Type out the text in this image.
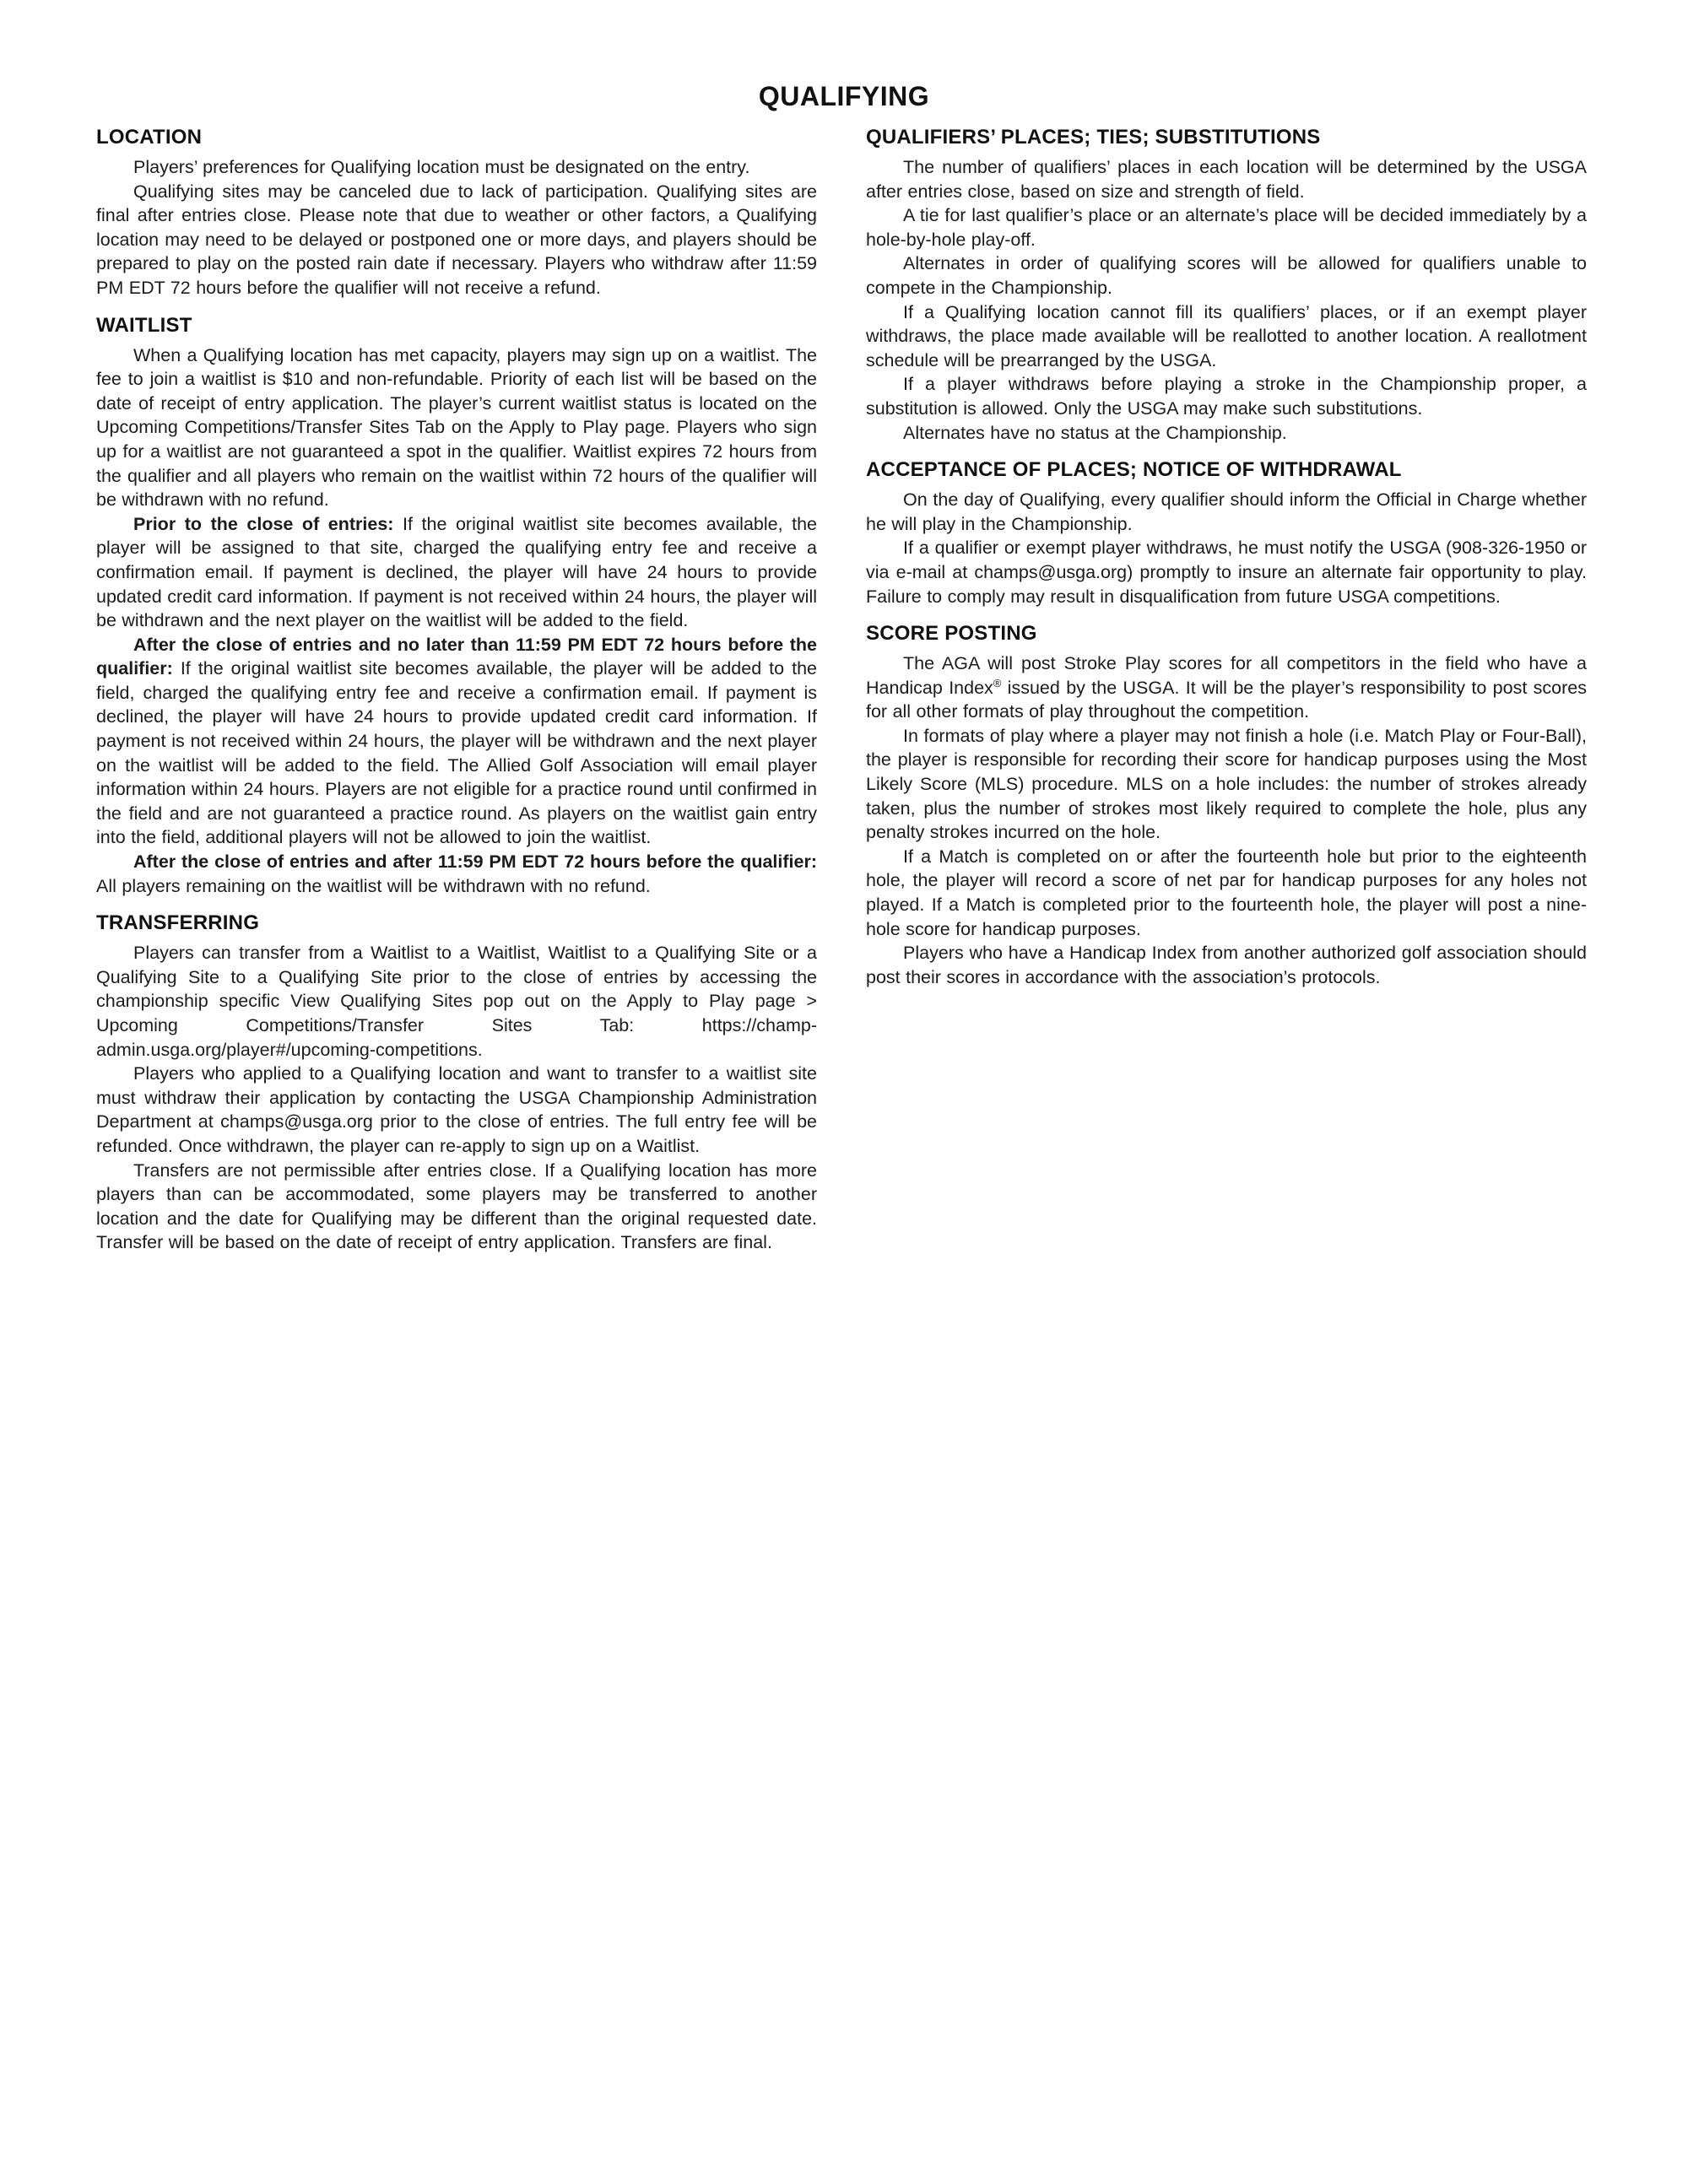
QUALIFYING
LOCATION

Players’ preferences for Qualifying location must be designated on the entry.

Qualifying sites may be canceled due to lack of participation. Qualifying sites are final after entries close. Please note that due to weather or other factors, a Qualifying location may need to be delayed or postponed one or more days, and players should be prepared to play on the posted rain date if necessary. Players who withdraw after 11:59 PM EDT 72 hours before the qualifier will not receive a refund.

WAITLIST

When a Qualifying location has met capacity, players may sign up on a waitlist. The fee to join a waitlist is $10 and non-refundable. Priority of each list will be based on the date of receipt of entry application. The player’s current waitlist status is located on the Upcoming Competitions/Transfer Sites Tab on the Apply to Play page. Players who sign up for a waitlist are not guaranteed a spot in the qualifier. Waitlist expires 72 hours from the qualifier and all players who remain on the waitlist within 72 hours of the qualifier will be withdrawn with no refund.

Prior to the close of entries: If the original waitlist site becomes available, the player will be assigned to that site, charged the qualifying entry fee and receive a confirmation email. If payment is declined, the player will have 24 hours to provide updated credit card information. If payment is not received within 24 hours, the player will be withdrawn and the next player on the waitlist will be added to the field.

After the close of entries and no later than 11:59 PM EDT 72 hours before the qualifier: If the original waitlist site becomes available, the player will be added to the field, charged the qualifying entry fee and receive a confirmation email. If payment is declined, the player will have 24 hours to provide updated credit card information. If payment is not received within 24 hours, the player will be withdrawn and the next player on the waitlist will be added to the field. The Allied Golf Association will email player information within 24 hours. Players are not eligible for a practice round until confirmed in the field and are not guaranteed a practice round. As players on the waitlist gain entry into the field, additional players will not be allowed to join the waitlist.

After the close of entries and after 11:59 PM EDT 72 hours before the qualifier: All players remaining on the waitlist will be withdrawn with no refund.

TRANSFERRING

Players can transfer from a Waitlist to a Waitlist, Waitlist to a Qualifying Site or a Qualifying Site to a Qualifying Site prior to the close of entries by accessing the championship specific View Qualifying Sites pop out on the Apply to Play page > Upcoming Competitions/Transfer Sites Tab: https://champ-admin.usga.org/player#/upcoming-competitions.

Players who applied to a Qualifying location and want to transfer to a waitlist site must withdraw their application by contacting the USGA Championship Administration Department at champs@usga.org prior to the close of entries. The full entry fee will be refunded. Once withdrawn, the player can re-apply to sign up on a Waitlist.

Transfers are not permissible after entries close. If a Qualifying location has more players than can be accommodated, some players may be transferred to another location and the date for Qualifying may be different than the original requested date. Transfer will be based on the date of receipt of entry application. Transfers are final.

QUALIFIERS’ PLACES; TIES; SUBSTITUTIONS

The number of qualifiers’ places in each location will be determined by the USGA after entries close, based on size and strength of field.

A tie for last qualifier’s place or an alternate’s place will be decided immediately by a hole-by-hole play-off.

Alternates in order of qualifying scores will be allowed for qualifiers unable to compete in the Championship.

If a Qualifying location cannot fill its qualifiers’ places, or if an exempt player withdraws, the place made available will be reallotted to another location. A reallotment schedule will be prearranged by the USGA.

If a player withdraws before playing a stroke in the Championship proper, a substitution is allowed. Only the USGA may make such substitutions.

Alternates have no status at the Championship.

ACCEPTANCE OF PLACES; NOTICE OF WITHDRAWAL

On the day of Qualifying, every qualifier should inform the Official in Charge whether he will play in the Championship.

If a qualifier or exempt player withdraws, he must notify the USGA (908-326-1950 or via e-mail at champs@usga.org) promptly to insure an alternate fair opportunity to play. Failure to comply may result in disqualification from future USGA competitions.

SCORE POSTING

The AGA will post Stroke Play scores for all competitors in the field who have a Handicap Index® issued by the USGA. It will be the player’s responsibility to post scores for all other formats of play throughout the competition.

In formats of play where a player may not finish a hole (i.e. Match Play or Four-Ball), the player is responsible for recording their score for handicap purposes using the Most Likely Score (MLS) procedure. MLS on a hole includes: the number of strokes already taken, plus the number of strokes most likely required to complete the hole, plus any penalty strokes incurred on the hole.

If a Match is completed on or after the fourteenth hole but prior to the eighteenth hole, the player will record a score of net par for handicap purposes for any holes not played. If a Match is completed prior to the fourteenth hole, the player will post a nine-hole score for handicap purposes.

Players who have a Handicap Index from another authorized golf association should post their scores in accordance with the association’s protocols.
